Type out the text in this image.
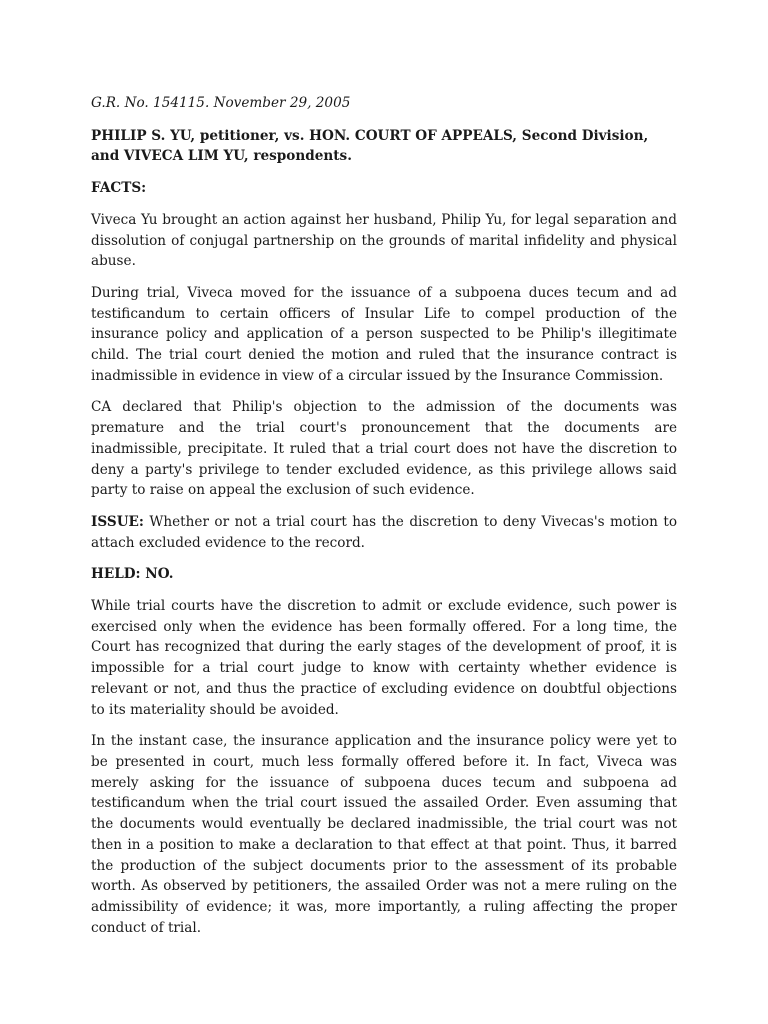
G.R. No. 154115. November 29, 2005

PHILIP S. YU, petitioner, vs. HON. COURT OF APPEALS, Second Division, and VIVECA LIM YU, respondents.

FACTS:

Viveca Yu brought an action against her husband, Philip Yu, for legal separation and dissolution of conjugal partnership on the grounds of marital infidelity and physical abuse.

During trial, Viveca moved for the issuance of a subpoena duces tecum and ad testificandum to certain officers of Insular Life to compel production of the insurance policy and application of a person suspected to be Philip's illegitimate child. The trial court denied the motion and ruled that the insurance contract is inadmissible in evidence in view of a circular issued by the Insurance Commission.

CA declared that Philip's objection to the admission of the documents was premature and the trial court's pronouncement that the documents are inadmissible, precipitate. It ruled that a trial court does not have the discretion to deny a party's privilege to tender excluded evidence, as this privilege allows said party to raise on appeal the exclusion of such evidence.

ISSUE: Whether or not a trial court has the discretion to deny Vivecas's motion to attach excluded evidence to the record.

HELD: NO.

While trial courts have the discretion to admit or exclude evidence, such power is exercised only when the evidence has been formally offered. For a long time, the Court has recognized that during the early stages of the development of proof, it is impossible for a trial court judge to know with certainty whether evidence is relevant or not, and thus the practice of excluding evidence on doubtful objections to its materiality should be avoided.

In the instant case, the insurance application and the insurance policy were yet to be presented in court, much less formally offered before it. In fact, Viveca was merely asking for the issuance of subpoena duces tecum and subpoena ad testificandum when the trial court issued the assailed Order. Even assuming that the documents would eventually be declared inadmissible, the trial court was not then in a position to make a declaration to that effect at that point. Thus, it barred the production of the subject documents prior to the assessment of its probable worth. As observed by petitioners, the assailed Order was not a mere ruling on the admissibility of evidence; it was, more importantly, a ruling affecting the proper conduct of trial.
